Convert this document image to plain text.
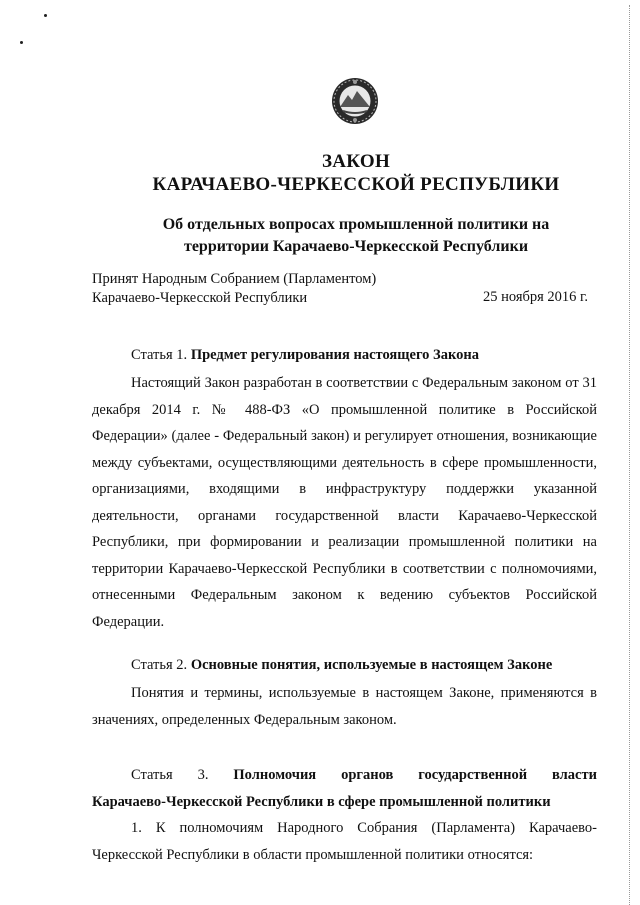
ЗАКОН
КАРАЧАЕВО-ЧЕРКЕССКОЙ РЕСПУБЛИКИ
Об отдельных вопросах промышленной политики на
территории Карачаево-Черкесской Республики
Принят Народным Собранием (Парламентом)
Карачаево-Черкесской Республики	25 ноября 2016 г.
Статья 1. Предмет регулирования настоящего Закона
Настоящий Закон разработан в соответствии с Федеральным законом от 31 декабря 2014 г. № 488-ФЗ «О промышленной политике в Российской Федерации» (далее - Федеральный закон) и регулирует отношения, возникающие между субъектами, осуществляющими деятельность в сфере промышленности, организациями, входящими в инфраструктуру поддержки указанной деятельности, органами государственной власти Карачаево-Черкесской Республики, при формировании и реализации промышленной политики на территории Карачаево-Черкесской Республики в соответствии с полномочиями, отнесенными Федеральным законом к ведению субъектов Российской Федерации.
Статья 2. Основные понятия, используемые в настоящем Законе
Понятия и термины, используемые в настоящем Законе, применяются в значениях, определенных Федеральным законом.
Статья 3. Полномочия органов государственной власти
Карачаево-Черкесской Республики в сфере промышленной политики
1. К полномочиям Народного Собрания (Парламента) Карачаево-Черкесской Республики в области промышленной политики относятся:
